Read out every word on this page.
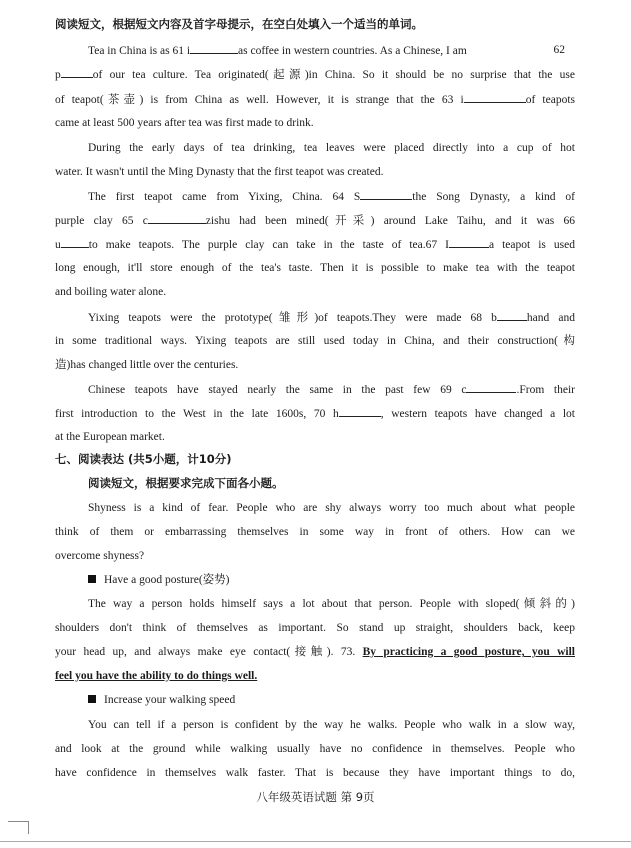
阅读短文，根据短文内容及首字母提示，在空白处填入一个适当的单词。
Tea in China is as 61 i	as coffee in western countries. As a Chinese, I am	62
p	of our tea culture. Tea originated(起源)in China. So it should be no surprise that the use
of teapot(茶壶) is from China as well. However, it is strange that the 63 i	of teapots
came at least 500 years after tea was first made to drink.
During the early days of tea drinking, tea leaves were placed directly into a cup of hot
water. It wasn't until the Ming Dynasty that the first teapot was created.
The first teapot came from Yixing, China. 64 S	the Song Dynasty, a kind of
purple clay 65 c	zishu had been mined(开采) around Lake Taihu, and it was 66
u to make teapots. The purple clay can take in the taste of tea.67 I	a teapot is used
long enough, it'll store enough of the tea's taste. Then it is possible to make tea with the teapot
and boiling water alone.
Yixing teapots were the prototype(雏形)of teapots.They were made 68 b	hand and
in some traditional ways. Yixing teapots are still used today in China, and their construction(构
造)has changed little over the centuries.
Chinese teapots have stayed nearly the same in the past few 69 c	.From their
first introduction to the West in the late 1600s, 70 h	, western teapots have changed a lot
at the European market.
七、阅读表达 (共5小题，计10分)
阅读短文，根据要求完成下面各小题。
Shyness is a kind of fear. People who are shy always worry too much about what people
think of them or embarrassing themselves in some way in front of others. How can we
overcome shyness?
Have a good posture(姿势)
The way a person holds himself says a lot about that person. People with sloped(倾斜的)
shoulders don't think of themselves as important. So stand up straight, shoulders back, keep
your head up, and always make eye contact(接触). 73. By practicing a good posture, you will
feel you have the ability to do things well.
Increase your walking speed
You can tell if a person is confident by the way he walks. People who walk in a slow way,
and look at the ground while walking usually have no confidence in themselves. People who
have confidence in themselves walk faster. That is because they have important things to do,
八年级英语试题 第 9页
